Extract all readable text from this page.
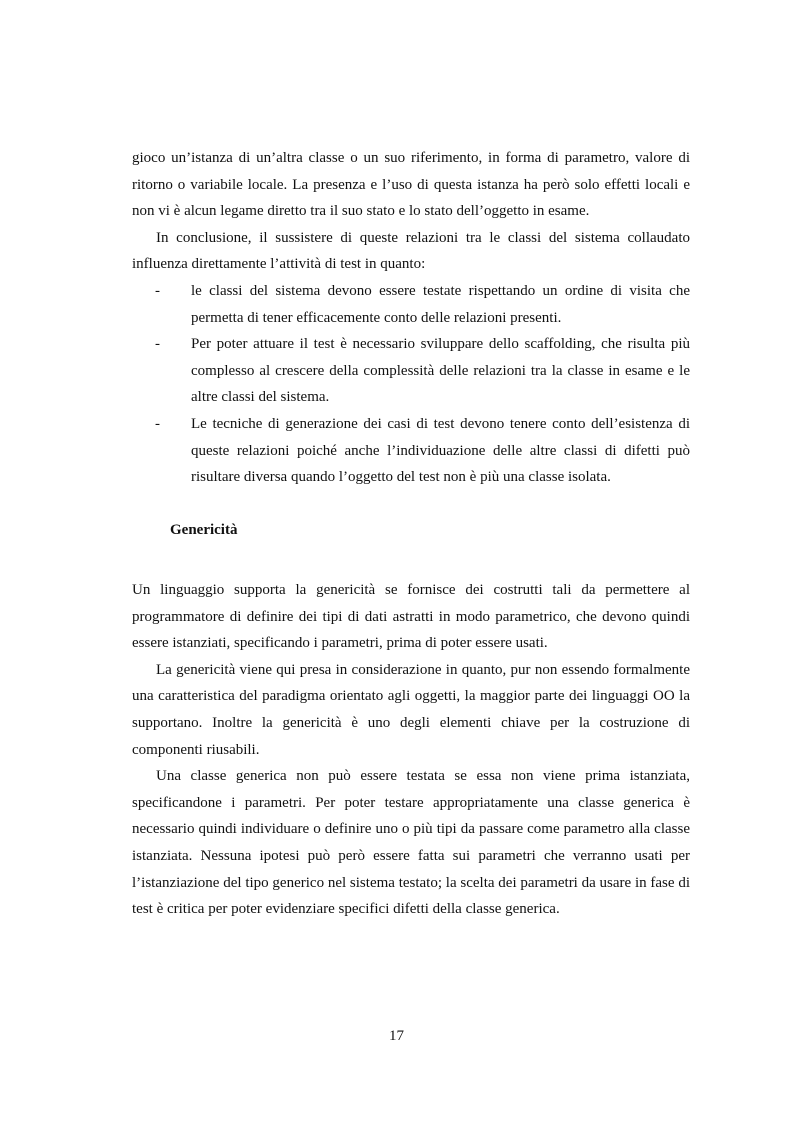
gioco un’istanza di un’altra classe o un suo riferimento, in forma di parametro, valore di ritorno o variabile locale. La presenza e l’uso di questa istanza ha però solo effetti locali e non vi è alcun legame diretto tra il suo stato e lo stato dell’oggetto in esame.

In conclusione, il sussistere di queste relazioni tra le classi del sistema collaudato influenza direttamente l’attività di test in quanto:

- le classi del sistema devono essere testate rispettando un ordine di visita che permetta di tener efficacemente conto delle relazioni presenti.
- Per poter attuare il test è necessario sviluppare dello scaffolding, che risulta più complesso al crescere della complessità delle relazioni tra la classe in esame e le altre classi del sistema.
- Le tecniche di generazione dei casi di test devono tenere conto dell’esistenza di queste relazioni poiché anche l’individuazione delle altre classi di difetti può risultare diversa quando l’oggetto del test non è più una classe isolata.
Genericità

Un linguaggio supporta la genericità se fornisce dei costrutti tali da permettere al programmatore di definire dei tipi di dati astratti in modo parametrico, che devono quindi essere istanziati, specificando i parametri, prima di poter essere usati.

La genericità viene qui presa in considerazione in quanto, pur non essendo formalmente una caratteristica del paradigma orientato agli oggetti, la maggior parte dei linguaggi OO la supportano. Inoltre la genericità è uno degli elementi chiave per la costruzione di componenti riusabili.

Una classe generica non può essere testata se essa non viene prima istanziata, specificandone i parametri. Per poter testare appropriatamente una classe generica è necessario quindi individuare o definire uno o più tipi da passare come parametro alla classe istanziata. Nessuna ipotesi può però essere fatta sui parametri che verranno usati per l’istanziazione del tipo generico nel sistema testato; la scelta dei parametri da usare in fase di test è critica per poter evidenziare specifici difetti della classe generica.

17
